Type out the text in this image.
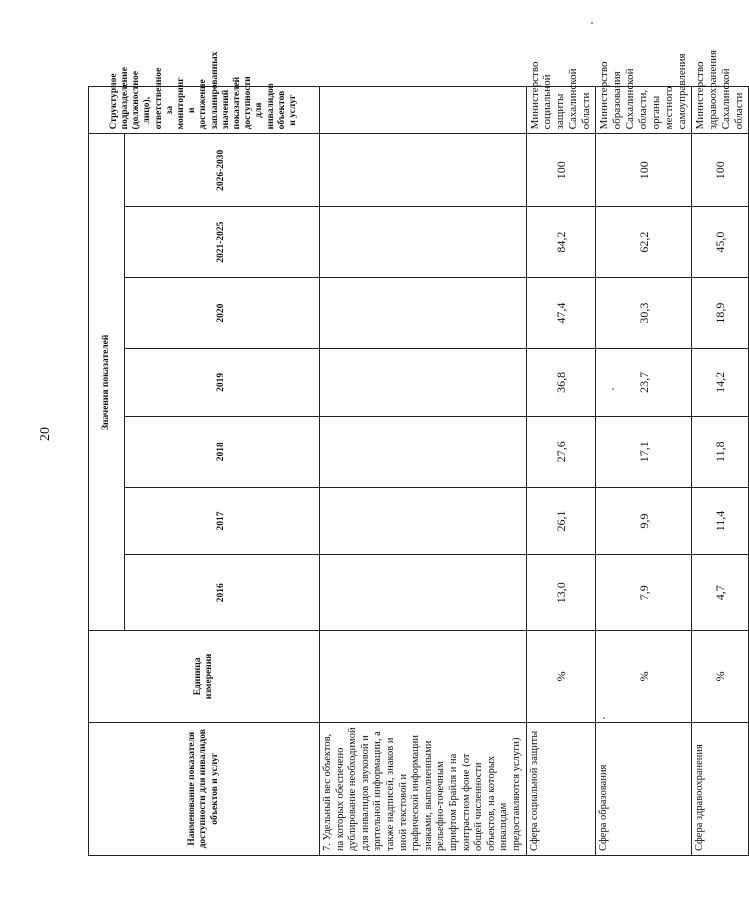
20
Наименование показателя доступности для инвалидов объектов и услуг	Единица измерения	Значения показателей							Структурное подразделение (должностное лицо), ответственное за мониторинг и достижение запланированных значений показателей доступности для инвалидов объектов и услуг
		2016	2017	2018	2019	2020	2021-2025	2026-2030	
7. Удельный вес объектов, на которых обеспечено дублирование необходимой для инвалидов звуковой и зрительной информации, а также надписей, знаков и иной текстовой и графической информации знаками, выполненными рельефно-точечным шрифтом Брайля и на контрастном фоне (от общей численности объектов, на которых инвалидам предоставляются услуги)									
Сфера социальной защиты	%	13,0	26,1	27,6	36,8	47,4	84,2	100	Министерство социальной защиты Сахалинской области
Сфера образования	%	7,9	9,9	17,1	23,7	30,3	62,2	100	Министерство образования Сахалинской области, органы местного самоуправления
Сфера здравоохранения	%	4,7	11,4	11,8	14,2	18,9	45,0	100	Министерство здравоохранения Сахалинской области
